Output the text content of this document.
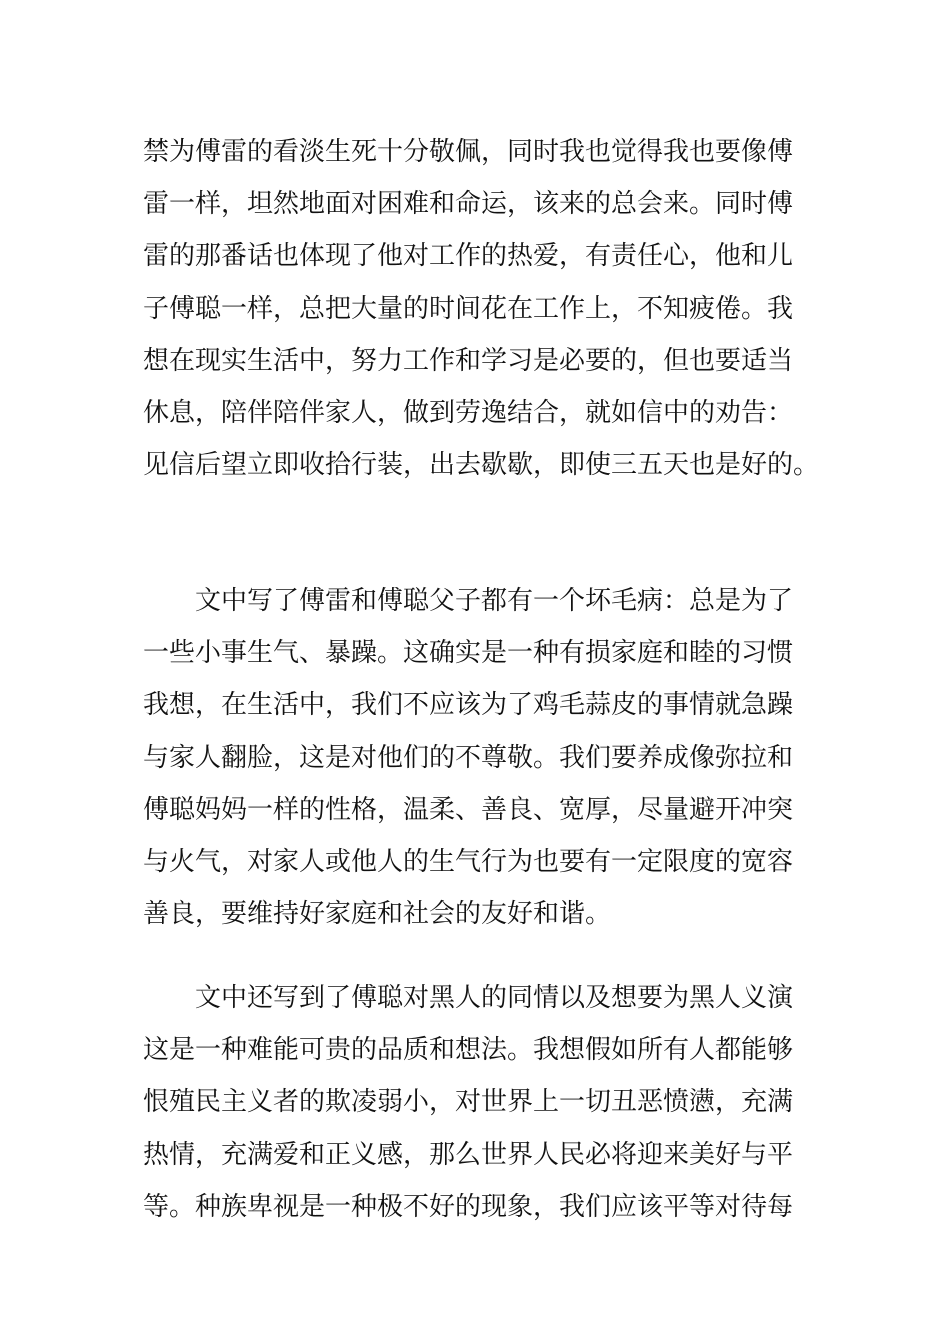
禁为傅雷的看淡生死十分敬佩，同时我也觉得我也要像傅
雷一样，坦然地面对困难和命运，该来的总会来。同时傅
雷的那番话也体现了他对工作的热爱，有责任心，他和儿
子傅聪一样，总把大量的时间花在工作上，不知疲倦。我
想在现实生活中，努力工作和学习是必要的，但也要适当
休息，陪伴陪伴家人，做到劳逸结合，就如信中的劝告：
见信后望立即收拾行装，出去歇歇，即使三五天也是好的。

　　文中写了傅雷和傅聪父子都有一个坏毛病：总是为了
一些小事生气、暴躁。这确实是一种有损家庭和睦的习惯
我想，在生活中，我们不应该为了鸡毛蒜皮的事情就急躁
与家人翻脸，这是对他们的不尊敬。我们要养成像弥拉和
傅聪妈妈一样的性格，温柔、善良、宽厚，尽量避开冲突
与火气，对家人或他人的生气行为也要有一定限度的宽容
善良，要维持好家庭和社会的友好和谐。

　　文中还写到了傅聪对黑人的同情以及想要为黑人义演
这是一种难能可贵的品质和想法。我想假如所有人都能够
恨殖民主义者的欺凌弱小，对世界上一切丑恶愤懑，充满
热情，充满爱和正义感，那么世界人民必将迎来美好与平
等。种族卑视是一种极不好的现象，我们应该平等对待每
